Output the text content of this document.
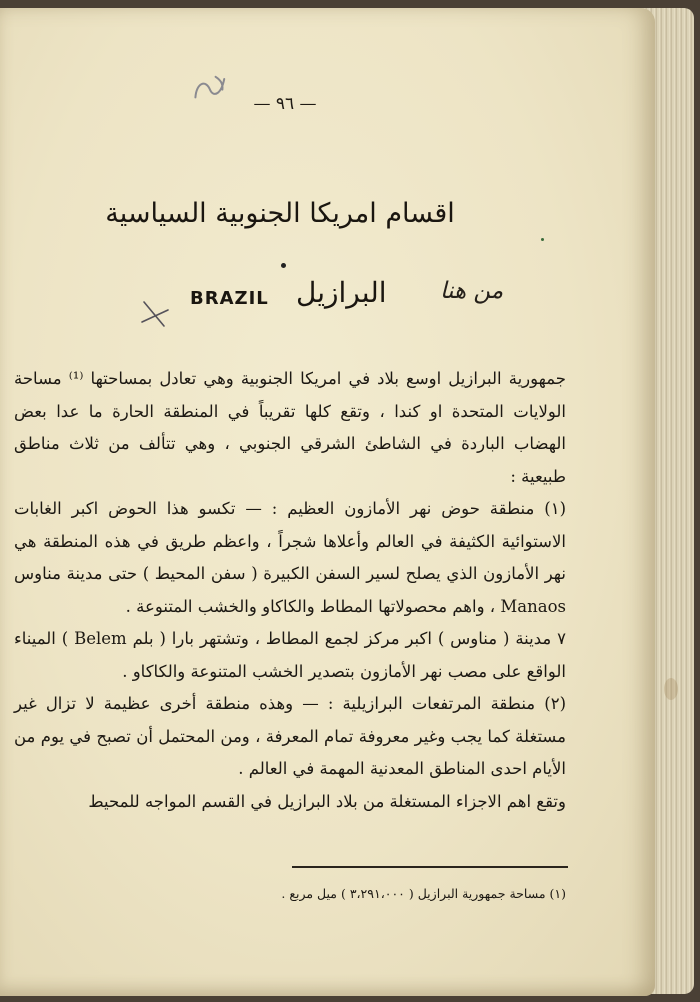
— ٩٦ —
اقسام امريكا الجنوبية السياسية
BRAZIL البرازيل من هنا

جمهورية البرازيل اوسع بلاد في امريكا الجنوبية وهي تعادل بمساحتها ⁽¹⁾ مساحة الولايات المتحدة او كندا ، وتقع كلها تقريباً في المنطقة الحارة ما عدا بعض الهضاب الباردة في الشاطئ الشرقي الجنوبي ، وهي تتألف من ثلاث مناطق طبيعية :

(١) منطقة حوض نهر الأمازون العظيم : — تكسو هذا الحوض اكبر الغابات الاستوائية الكثيفة في العالم وأعلاها شجراً ، واعظم طريق في هذه المنطقة هي نهر الأمازون الذي يصلح لسير السفن الكبيرة ( سفن المحيط ) حتى مدينة مناوس Manaos ، واهم محصولاتها المطاط والكاكاو والخشب المتنوعة .

٧ مدينة ( مناوس ) اكبر مركز لجمع المطاط ، وتشتهر بارا ( بلم Belem ) الميناء الواقع على مصب نهر الأمازون بتصدير الخشب المتنوعة والكاكاو .

(٢) منطقة المرتفعات البرازيلية : — وهذه منطقة أخرى عظيمة لا تزال غير مستغلة كما يجب وغير معروفة تمام المعرفة ، ومن المحتمل أن تصبح في يوم من الأيام احدى المناطق المعدنية المهمة في العالم .

وتقع اهم الاجزاء المستغلة من بلاد البرازيل في القسم المواجه للمحيط

(١) مساحة جمهورية البرازيل ( ٣،٢٩١،٠٠٠ ) ميل مربع .
